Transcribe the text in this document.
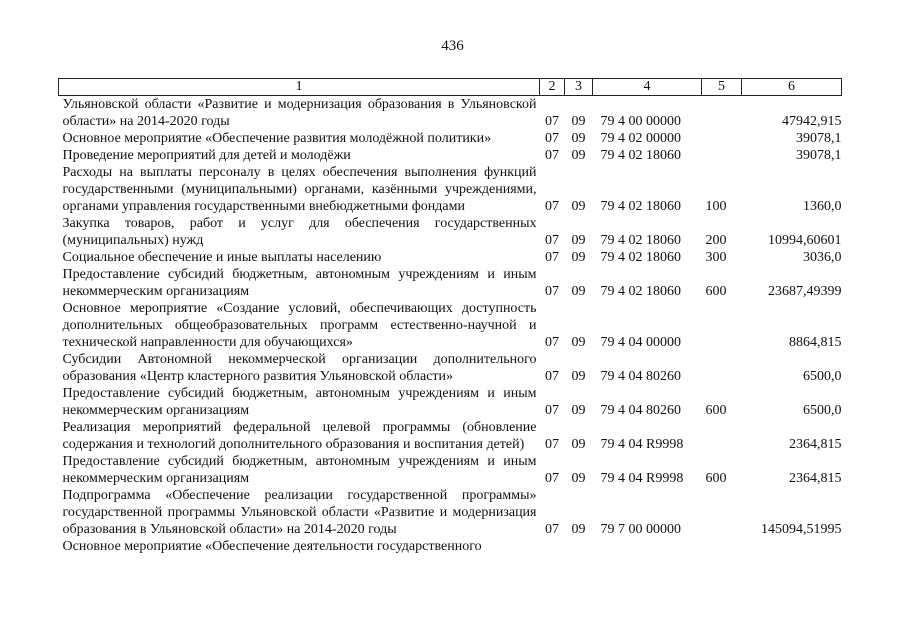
436
1	2	3	4	5	6
Ульяновской области «Развитие и модернизация образования в Ульяновской области» на 2014-2020 годы	07	09	79 4 00 00000		47942,915
Основное мероприятие «Обеспечение развития молодёжной политики»	07	09	79 4 02 00000		39078,1
Проведение мероприятий для детей и молодёжи	07	09	79 4 02 18060		39078,1
Расходы на выплаты персоналу в целях обеспечения выполнения функций государственными (муниципальными) органами, казёнными учреждениями, органами управления государственными внебюджетными фондами	07	09	79 4 02 18060	100	1360,0
Закупка товаров, работ и услуг для обеспечения государственных (муниципальных) нужд	07	09	79 4 02 18060	200	10994,60601
Социальное обеспечение и иные выплаты населению	07	09	79 4 02 18060	300	3036,0
Предоставление субсидий бюджетным, автономным учреждениям и иным некоммерческим организациям	07	09	79 4 02 18060	600	23687,49399
Основное мероприятие «Создание условий, обеспечивающих доступность дополнительных общеобразовательных программ естественно-научной и технической направленности для обучающихся»	07	09	79 4 04 00000		8864,815
Субсидии Автономной некоммерческой организации дополнительного образования «Центр кластерного развития Ульяновской области»	07	09	79 4 04 80260		6500,0
Предоставление субсидий бюджетным, автономным учреждениям и иным некоммерческим организациям	07	09	79 4 04 80260	600	6500,0
Реализация мероприятий федеральной целевой программы (обновление содержания и технологий дополнительного образования и воспитания детей)	07	09	79 4 04 R9998		2364,815
Предоставление субсидий бюджетным, автономным учреждениям и иным некоммерческим организациям	07	09	79 4 04 R9998	600	2364,815
Подпрограмма «Обеспечение реализации государственной программы» государственной программы Ульяновской области «Развитие и модернизация образования в Ульяновской области» на 2014-2020 годы	07	09	79 7 00 00000		145094,51995
Основное мероприятие «Обеспечение деятельности государственного					
